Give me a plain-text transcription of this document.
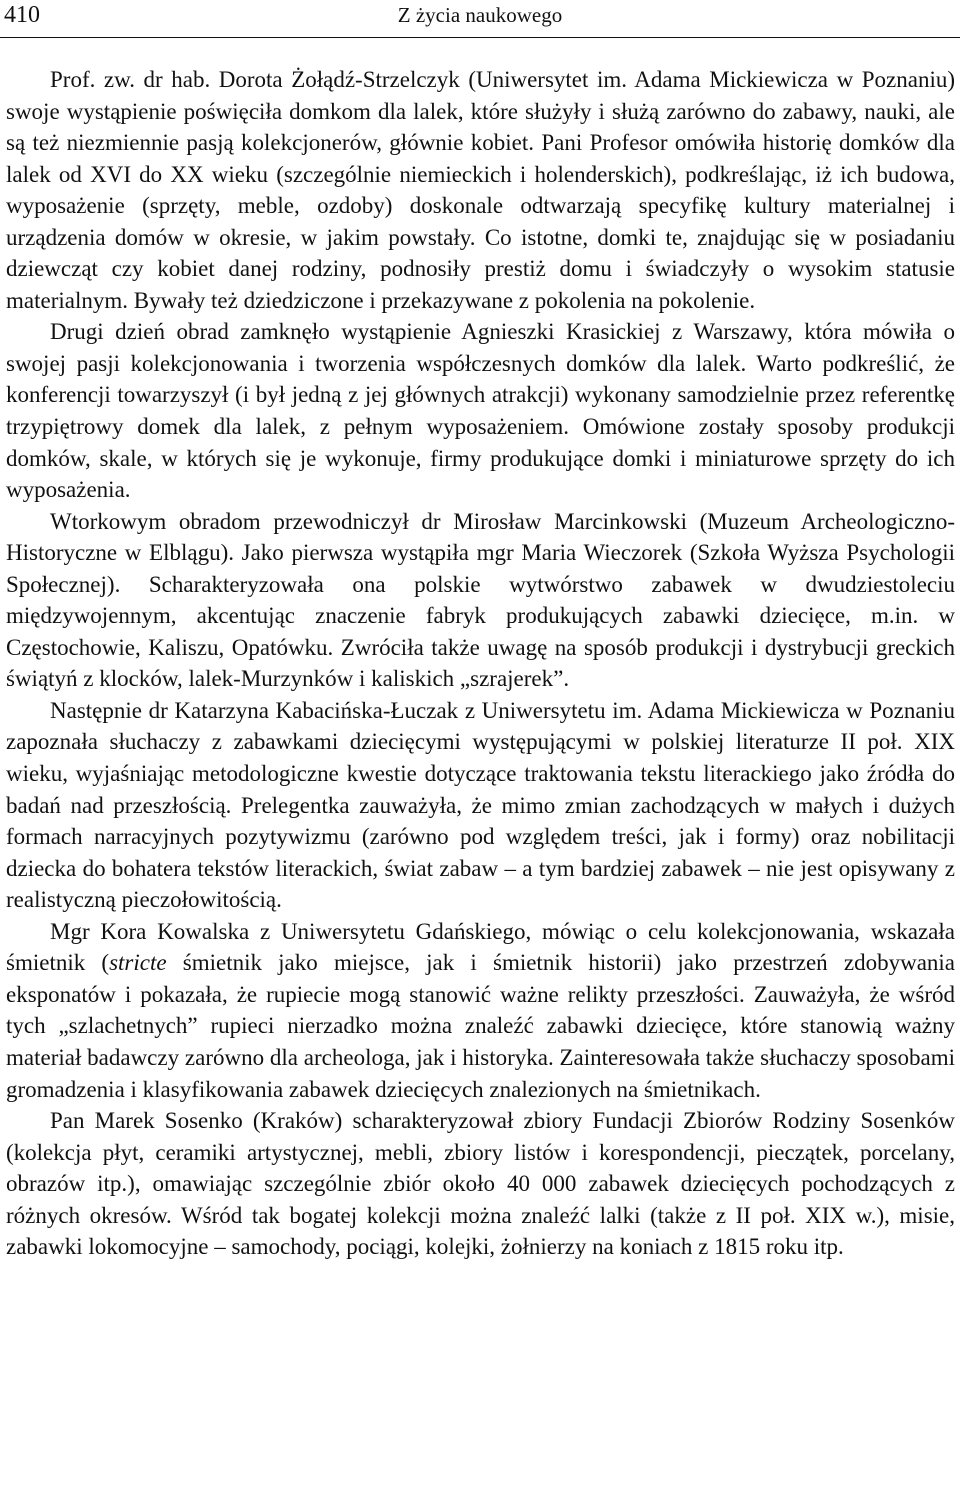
410	Z życia naukowego

Prof. zw. dr hab. Dorota Żołądź-Strzelczyk (Uniwersytet im. Adama Mickiewicza w Poznaniu) swoje wystąpienie poświęciła domkom dla lalek, które służyły i służą zarówno do zabawy, nauki, ale są też niezmiennie pasją kolekcjonerów, głównie kobiet. Pani Profesor omówiła historię domków dla lalek od XVI do XX wieku (szczególnie niemieckich i holenderskich), podkreślając, iż ich budowa, wyposażenie (sprzęty, meble, ozdoby) doskonale odtwarzają specyfikę kultury materialnej i urządzenia domów w okresie, w jakim powstały. Co istotne, domki te, znajdując się w posiadaniu dziewcząt czy kobiet danej rodziny, podnosiły prestiż domu i świadczyły o wysokim statusie materialnym. Bywały też dziedziczone i przekazywane z pokolenia na pokolenie.

Drugi dzień obrad zamknęło wystąpienie Agnieszki Krasickiej z Warszawy, która mówiła o swojej pasji kolekcjonowania i tworzenia współczesnych domków dla lalek. Warto podkreślić, że konferencji towarzyszył (i był jedną z jej głównych atrakcji) wykonany samodzielnie przez referentkę trzypiętrowy domek dla lalek, z pełnym wyposażeniem. Omówione zostały sposoby produkcji domków, skale, w których się je wykonuje, firmy produkujące domki i miniaturowe sprzęty do ich wyposażenia.

Wtorkowym obradom przewodniczył dr Mirosław Marcinkowski (Muzeum Archeologiczno-Historyczne w Elblągu). Jako pierwsza wystąpiła mgr Maria Wieczorek (Szkoła Wyższa Psychologii Społecznej). Scharakteryzowała ona polskie wytwórstwo zabawek w dwudziestoleciu międzywojennym, akcentując znaczenie fabryk produkujących zabawki dziecięce, m.in. w Częstochowie, Kaliszu, Opatówku. Zwróciła także uwagę na sposób produkcji i dystrybucji greckich świątyń z klocków, lalek-Murzynków i kaliskich „szrajerek”.

Następnie dr Katarzyna Kabacińska-Łuczak z Uniwersytetu im. Adama Mickiewicza w Poznaniu zapoznała słuchaczy z zabawkami dziecięcymi występującymi w polskiej literaturze II poł. XIX wieku, wyjaśniając metodologiczne kwestie dotyczące traktowania tekstu literackiego jako źródła do badań nad przeszłością. Prelegentka zauważyła, że mimo zmian zachodzących w małych i dużych formach narracyjnych pozytywizmu (zarówno pod względem treści, jak i formy) oraz nobilitacji dziecka do bohatera tekstów literackich, świat zabaw – a tym bardziej zabawek – nie jest opisywany z realistyczną pieczołowitością.

Mgr Kora Kowalska z Uniwersytetu Gdańskiego, mówiąc o celu kolekcjonowania, wskazała śmietnik (stricte śmietnik jako miejsce, jak i śmietnik historii) jako przestrzeń zdobywania eksponatów i pokazała, że rupiecie mogą stanowić ważne relikty przeszłości. Zauważyła, że wśród tych „szlachetnych” rupieci nierzadko można znaleźć zabawki dziecięce, które stanowią ważny materiał badawczy zarówno dla archeologa, jak i historyka. Zainteresowała także słuchaczy sposobami gromadzenia i klasyfikowania zabawek dziecięcych znalezionych na śmietnikach.

Pan Marek Sosenko (Kraków) scharakteryzował zbiory Fundacji Zbiorów Rodziny Sosenków (kolekcja płyt, ceramiki artystycznej, mebli, zbiory listów i korespondencji, pieczątek, porcelany, obrazów itp.), omawiając szczególnie zbiór około 40 000 zabawek dziecięcych pochodzących z różnych okresów. Wśród tak bogatej kolekcji można znaleźć lalki (także z II poł. XIX w.), misie, zabawki lokomocyjne – samochody, pociągi, kolejki, żołnierzy na koniach z 1815 roku itp.
